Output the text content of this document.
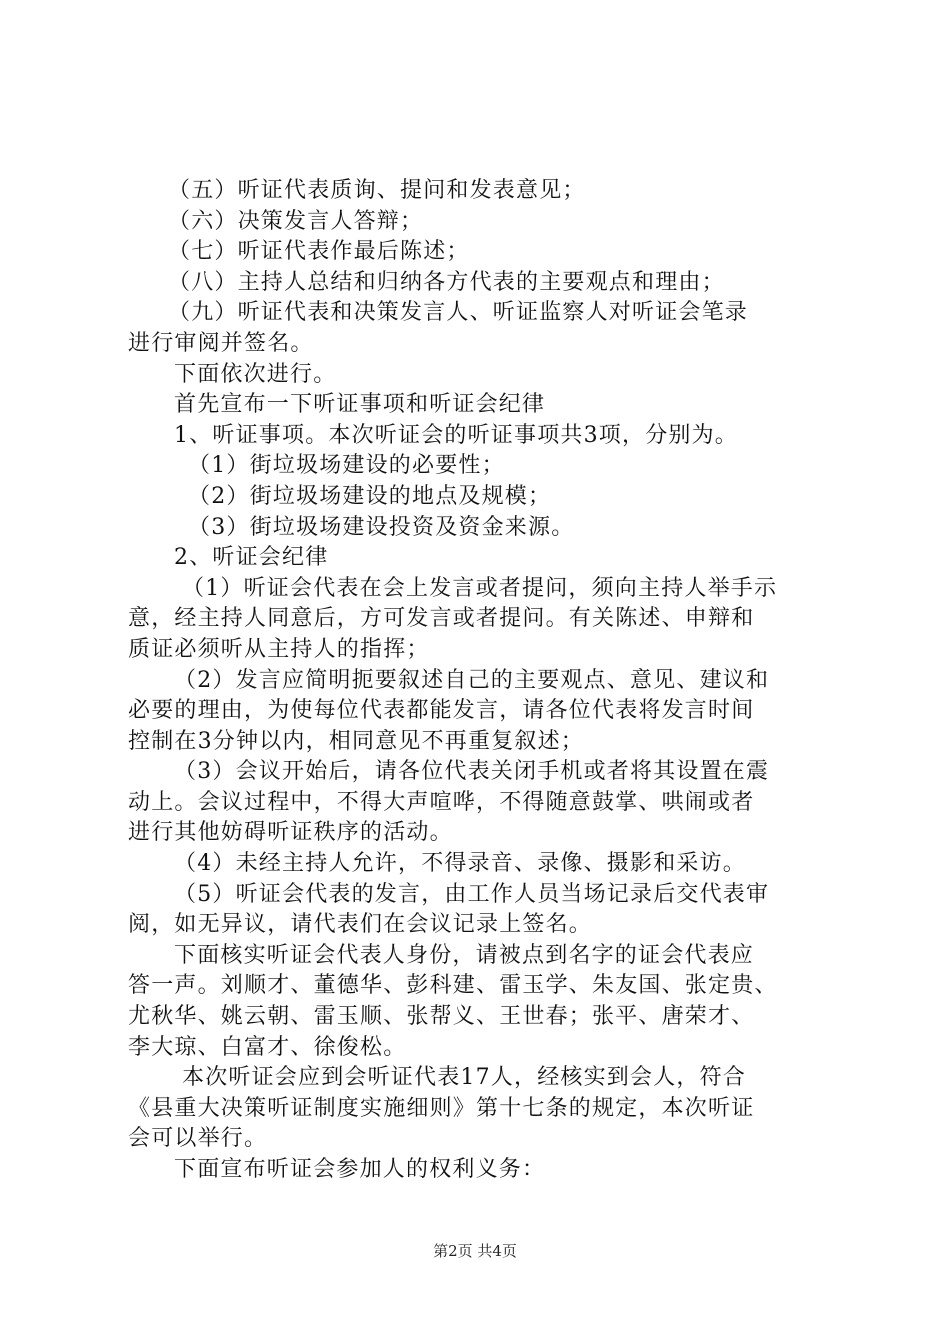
（五）听证代表质询、提问和发表意见；
（六）决策发言人答辩；
（七）听证代表作最后陈述；
（八）主持人总结和归纳各方代表的主要观点和理由；
（九）听证代表和决策发言人、听证监察人对听证会笔录
进行审阅并签名。
下面依次进行。
首先宣布一下听证事项和听证会纪律
1、听证事项。本次听证会的听证事项共3项，分别为。
（1）街垃圾场建设的必要性；
（2）街垃圾场建设的地点及规模；
（3）街垃圾场建设投资及资金来源。
2、听证会纪律
（1）听证会代表在会上发言或者提问，须向主持人举手示
意，经主持人同意后，方可发言或者提问。有关陈述、申辩和
质证必须听从主持人的指挥；
（2）发言应简明扼要叙述自己的主要观点、意见、建议和
必要的理由，为使每位代表都能发言，请各位代表将发言时间
控制在3分钟以内，相同意见不再重复叙述；
（3）会议开始后，请各位代表关闭手机或者将其设置在震
动上。会议过程中，不得大声喧哗，不得随意鼓掌、哄闹或者
进行其他妨碍听证秩序的活动。
（4）未经主持人允许，不得录音、录像、摄影和采访。
（5）听证会代表的发言，由工作人员当场记录后交代表审
阅，如无异议，请代表们在会议记录上签名。
下面核实听证会代表人身份，请被点到名字的证会代表应
答一声。刘顺才、董德华、彭科建、雷玉学、朱友国、张定贵、
尤秋华、姚云朝、雷玉顺、张帮义、王世春；张平、唐荣才、
李大琼、白富才、徐俊松。
本次听证会应到会听证代表17人，经核实到会人，符合
《县重大决策听证制度实施细则》第十七条的规定，本次听证
会可以举行。
下面宣布听证会参加人的权利义务：
第2页 共4页
